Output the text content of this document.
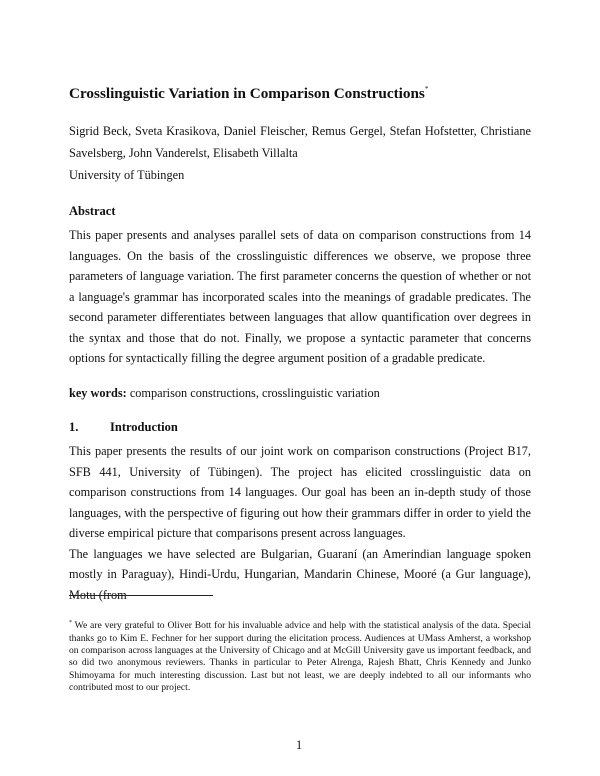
Crosslinguistic Variation in Comparison Constructions*
Sigrid Beck, Sveta Krasikova, Daniel Fleischer, Remus Gergel, Stefan Hofstetter, Christiane Savelsberg, John Vanderelst, Elisabeth Villalta
University of Tübingen
Abstract
This paper presents and analyses parallel sets of data on comparison constructions from 14 languages. On the basis of the crosslinguistic differences we observe, we propose three parameters of language variation. The first parameter concerns the question of whether or not a language's grammar has incorporated scales into the meanings of gradable predicates. The second parameter differentiates between languages that allow quantification over degrees in the syntax and those that do not. Finally, we propose a syntactic parameter that concerns options for syntactically filling the degree argument position of a gradable predicate.
key words: comparison constructions, crosslinguistic variation
1.	Introduction

This paper presents the results of our joint work on comparison constructions (Project B17, SFB 441, University of Tübingen). The project has elicited crosslinguistic data on comparison constructions from 14 languages. Our goal has been an in-depth study of those languages, with the perspective of figuring out how their grammars differ in order to yield the diverse empirical picture that comparisons present across languages.

The languages we have selected are Bulgarian, Guaraní (an Amerindian language spoken mostly in Paraguay), Hindi-Urdu, Hungarian, Mandarin Chinese, Mooré (a Gur language), Motu (from

* We are very grateful to Oliver Bott for his invaluable advice and help with the statistical analysis of the data. Special thanks go to Kim E. Fechner for her support during the elicitation process. Audiences at UMass Amherst, a workshop on comparison across languages at the University of Chicago and at McGill University gave us important feedback, and so did two anonymous reviewers. Thanks in particular to Peter Alrenga, Rajesh Bhatt, Chris Kennedy and Junko Shimoyama for much interesting discussion. Last but not least, we are deeply indebted to all our informants who contributed most to our project.
1
